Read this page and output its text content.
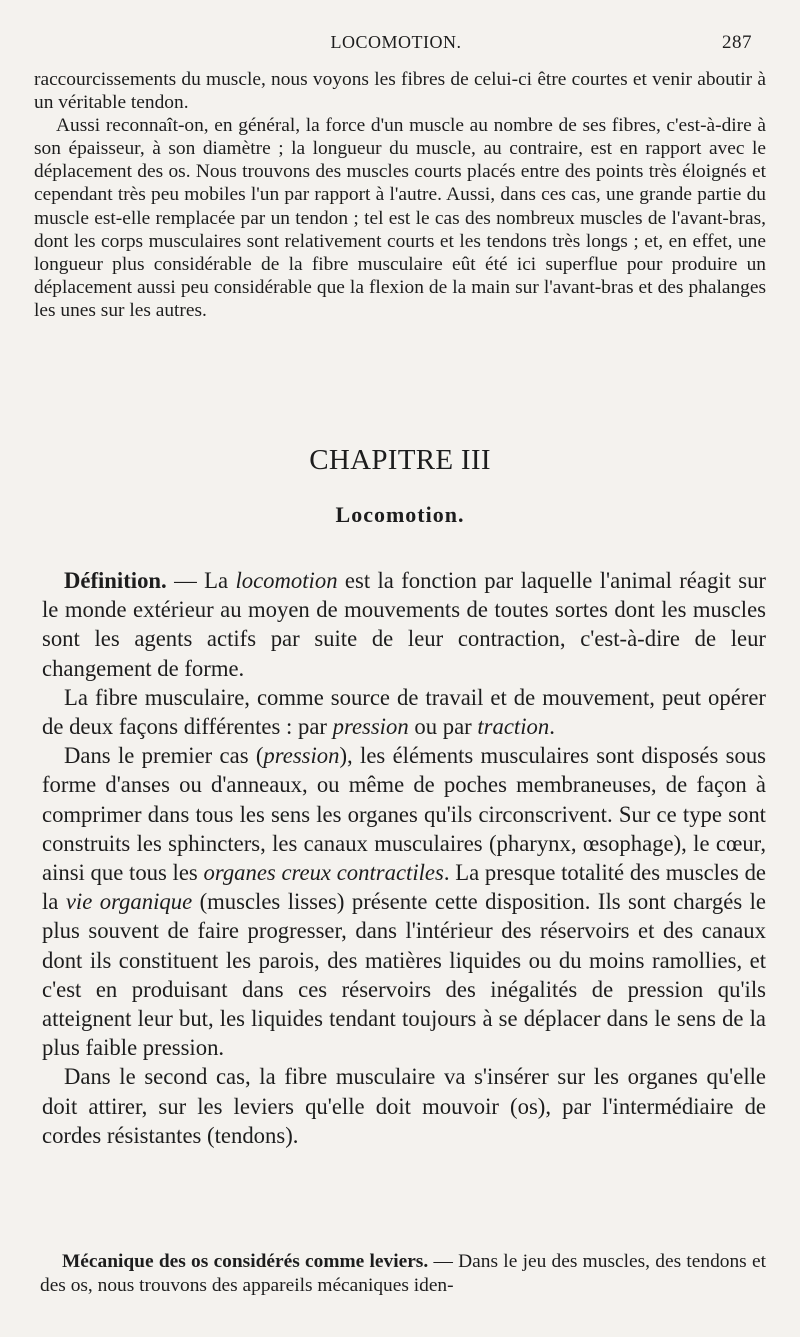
LOCOMOTION.	287

raccourcissements du muscle, nous voyons les fibres de celui-ci être courtes et venir aboutir à un véritable tendon.

Aussi reconnaît-on, en général, la force d'un muscle au nombre de ses fibres, c'est-à-dire à son épaisseur, à son diamètre ; la longueur du muscle, au contraire, est en rapport avec le déplacement des os. Nous trouvons des muscles courts placés entre des points très éloignés et cependant très peu mobiles l'un par rapport à l'autre. Aussi, dans ces cas, une grande partie du muscle est-elle remplacée par un tendon ; tel est le cas des nombreux muscles de l'avant-bras, dont les corps musculaires sont relativement courts et les tendons très longs ; et, en effet, une longueur plus considérable de la fibre musculaire eût été ici superflue pour produire un déplacement aussi peu considérable que la flexion de la main sur l'avant-bras et des phalanges les unes sur les autres.

CHAPITRE III
Locomotion.

Définition. — La locomotion est la fonction par laquelle l'animal réagit sur le monde extérieur au moyen de mouvements de toutes sortes dont les muscles sont les agents actifs par suite de leur contraction, c'est-à-dire de leur changement de forme.

La fibre musculaire, comme source de travail et de mouvement, peut opérer de deux façons différentes : par pression ou par traction.

Dans le premier cas (pression), les éléments musculaires sont disposés sous forme d'anses ou d'anneaux, ou même de poches membraneuses, de façon à comprimer dans tous les sens les organes qu'ils circonscrivent. Sur ce type sont construits les sphincters, les canaux musculaires (pharynx, œsophage), le cœur, ainsi que tous les organes creux contractiles. La presque totalité des muscles de la vie organique (muscles lisses) présente cette disposition. Ils sont chargés le plus souvent de faire progresser, dans l'intérieur des réservoirs et des canaux dont ils constituent les parois, des matières liquides ou du moins ramollies, et c'est en produisant dans ces réservoirs des inégalités de pression qu'ils atteignent leur but, les liquides tendant toujours à se déplacer dans le sens de la plus faible pression.

Dans le second cas, la fibre musculaire va s'insérer sur les organes qu'elle doit attirer, sur les leviers qu'elle doit mouvoir (os), par l'intermédiaire de cordes résistantes (tendons).

Mécanique des os considérés comme leviers. — Dans le jeu des muscles, des tendons et des os, nous trouvons des appareils mécaniques iden-
